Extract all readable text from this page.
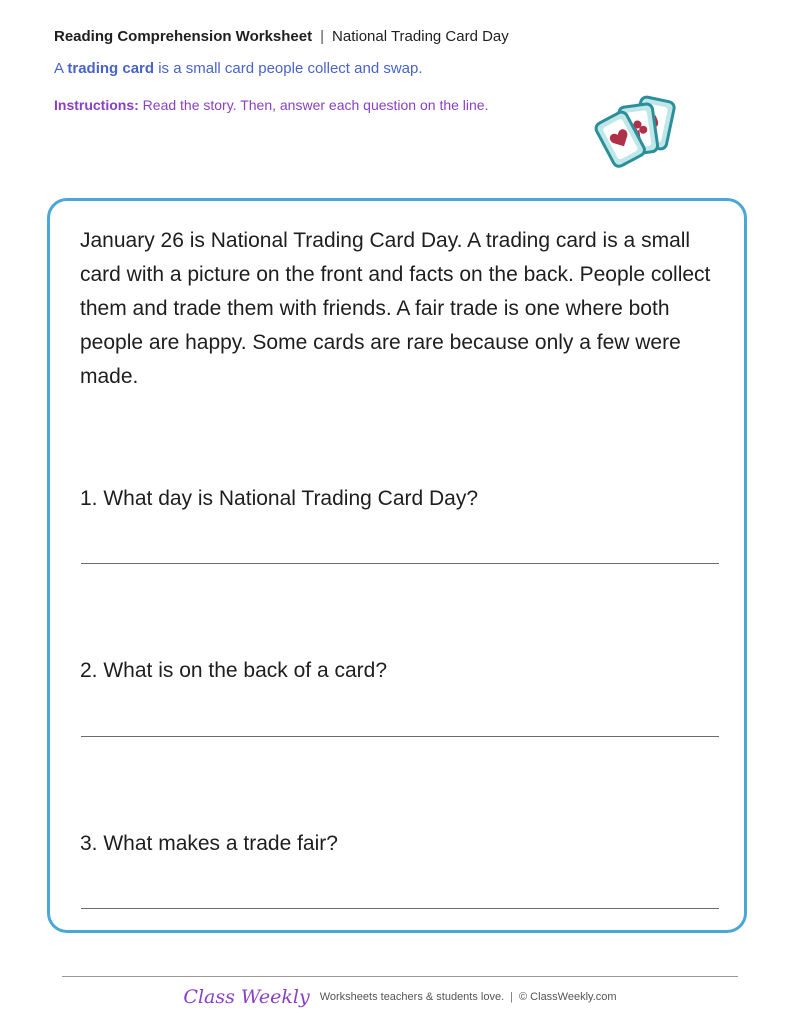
Reading Comprehension Worksheet | National Trading Card Day
A trading card is a small card people collect and swap.
Instructions: Read the story. Then, answer each question on the line.
January 26 is National Trading Card Day. A trading card is a small card with a picture on the front and facts on the back. People collect them and trade them with friends. A fair trade is one where both people are happy. Some cards are rare because only a few were made.
1. What day is National Trading Card Day?
2. What is on the back of a card?
3. What makes a trade fair?
Class Weekly Worksheets teachers & students love. | © ClassWeekly.com
